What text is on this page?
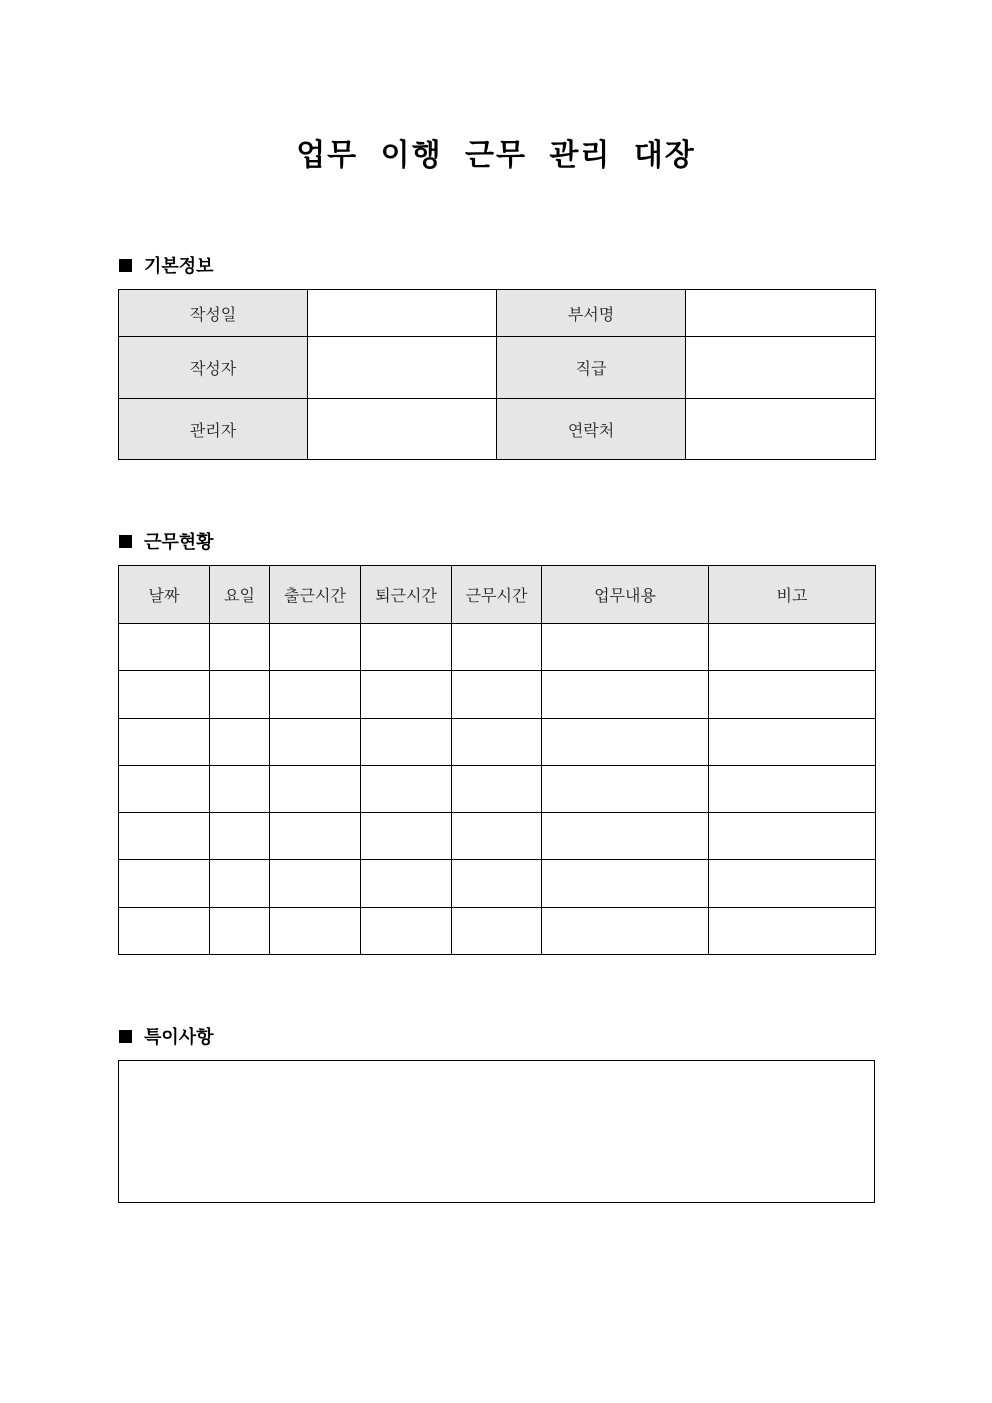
업무 이행 근무 관리 대장
기본정보
작성일		부서명	
작성자		직급	
관리자		연락처	
근무현황
날짜	요일	출근시간	퇴근시간	근무시간	업무내용	비고

특이사항
